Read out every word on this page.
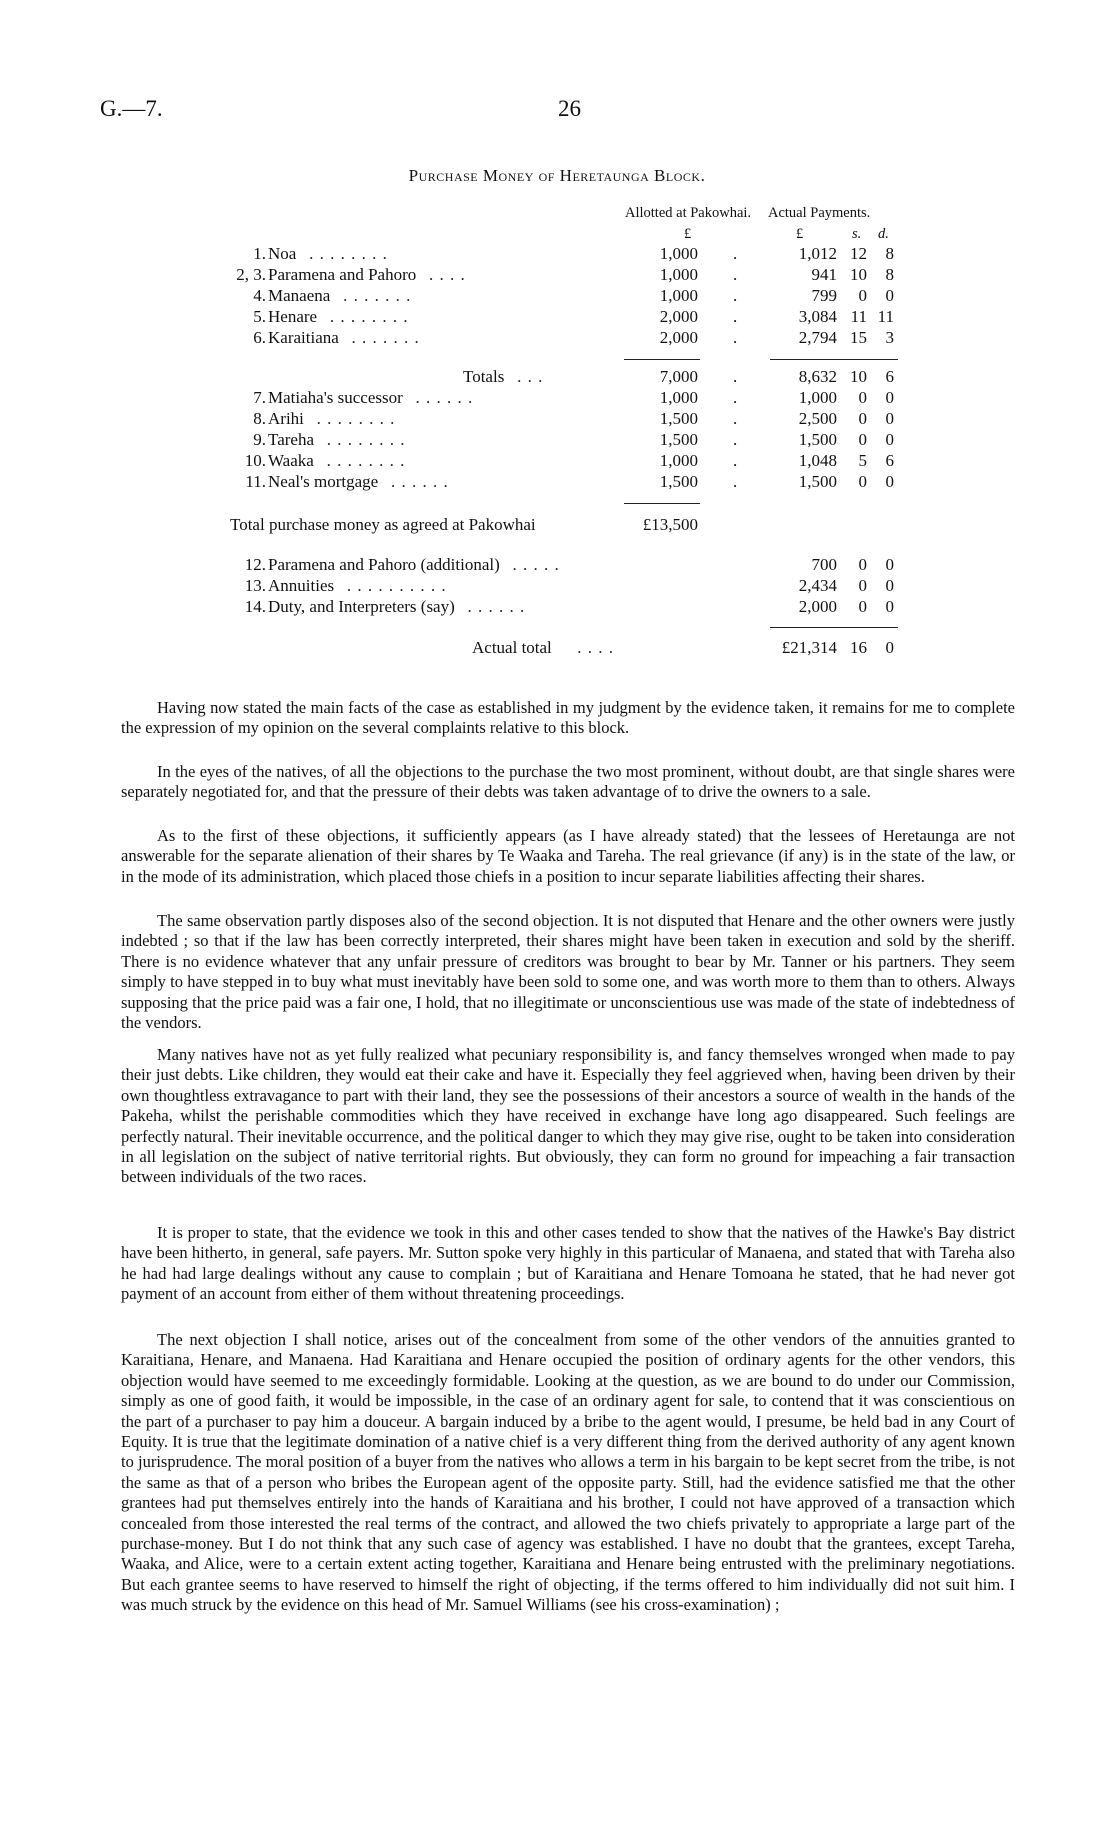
G.—7.	26
Purchase Money of Heretaunga Block.
Allotted at Pakowhai. Actual Payments.
£	£	s. d.
1. Noa . . . . . . . .	1,000 .	1,012 12	8
2, 3. Paramena and Pahoro . . . .	1,000 .	941 10	8
4. Manaena . . . . . . .	1,000 .	799	0	0
5. Henare . . . . . . . .	2,000 .	3,084 11 11
6. Karaitiana . . . . . . .	2,000 .	2,794 15	3
Totals . . .	7,000 .	8,632 10	6
7. Matiaha's successor . . . . . .	1,000 .	1,000	0	0
8. Arihi . . . . . . . .	1,500 .	2,500	0	0
9. Tareha . . . . . . . .	1,500 .	1,500	0	0
10. Waaka . . . . . . . .	1,000 .	1,048	5	6
11. Neal's mortgage . . . . . .	1,500 .	1,500	0	0
Total purchase money as agreed at Pakowhai	£13,500
12. Paramena and Pahoro (additional) . . . . .	700	0	0
13. Annuities . . . . . . . . . .	2,434	0	0
14. Duty, and Interpreters (say) . . . . . .	2,000	0	0
Actual total . . . .	£21,314 16	0

Having now stated the main facts of the case as established in my judgment by the evidence taken, it remains for me to complete the expression of my opinion on the several complaints relative to this block.

In the eyes of the natives, of all the objections to the purchase the two most prominent, without doubt, are that single shares were separately negotiated for, and that the pressure of their debts was taken advantage of to drive the owners to a sale.

As to the first of these objections, it sufficiently appears (as I have already stated) that the lessees of Heretaunga are not answerable for the separate alienation of their shares by Te Waaka and Tareha. The real grievance (if any) is in the state of the law, or in the mode of its administration, which placed those chiefs in a position to incur separate liabilities affecting their shares.

The same observation partly disposes also of the second objection. It is not disputed that Henare and the other owners were justly indebted ; so that if the law has been correctly interpreted, their shares might have been taken in execution and sold by the sheriff. There is no evidence whatever that any unfair pressure of creditors was brought to bear by Mr. Tanner or his partners. They seem simply to have stepped in to buy what must inevitably have been sold to some one, and was worth more to them than to others. Always supposing that the price paid was a fair one, I hold, that no illegitimate or unconscientious use was made of the state of indebtedness of the vendors.

Many natives have not as yet fully realized what pecuniary responsibility is, and fancy themselves wronged when made to pay their just debts. Like children, they would eat their cake and have it. Especially they feel aggrieved when, having been driven by their own thoughtless extravagance to part with their land, they see the possessions of their ancestors a source of wealth in the hands of the Pakeha, whilst the perishable commodities which they have received in exchange have long ago disappeared. Such feelings are perfectly natural. Their inevitable occurrence, and the political danger to which they may give rise, ought to be taken into consideration in all legislation on the subject of native territorial rights. But obviously, they can form no ground for impeaching a fair transaction between individuals of the two races.

It is proper to state, that the evidence we took in this and other cases tended to show that the natives of the Hawke's Bay district have been hitherto, in general, safe payers. Mr. Sutton spoke very highly in this particular of Manaena, and stated that with Tareha also he had had large dealings without any cause to complain ; but of Karaitiana and Henare Tomoana he stated, that he had never got payment of an account from either of them without threatening proceedings.

The next objection I shall notice, arises out of the concealment from some of the other vendors of the annuities granted to Karaitiana, Henare, and Manaena. Had Karaitiana and Henare occupied the position of ordinary agents for the other vendors, this objection would have seemed to me exceedingly formidable. Looking at the question, as we are bound to do under our Commission, simply as one of good faith, it would be impossible, in the case of an ordinary agent for sale, to contend that it was conscientious on the part of a purchaser to pay him a douceur. A bargain induced by a bribe to the agent would, I presume, be held bad in any Court of Equity. It is true that the legitimate domination of a native chief is a very different thing from the derived authority of any agent known to jurisprudence. The moral position of a buyer from the natives who allows a term in his bargain to be kept secret from the tribe, is not the same as that of a person who bribes the European agent of the opposite party. Still, had the evidence satisfied me that the other grantees had put themselves entirely into the hands of Karaitiana and his brother, I could not have approved of a transaction which concealed from those interested the real terms of the contract, and allowed the two chiefs privately to appropriate a large part of the purchase-money. But I do not think that any such case of agency was established. I have no doubt that the grantees, except Tareha, Waaka, and Alice, were to a certain extent acting together, Karaitiana and Henare being entrusted with the preliminary negotiations. But each grantee seems to have reserved to himself the right of objecting, if the terms offered to him individually did not suit him. I was much struck by the evidence on this head of Mr. Samuel Williams (see his cross-examination) ;
